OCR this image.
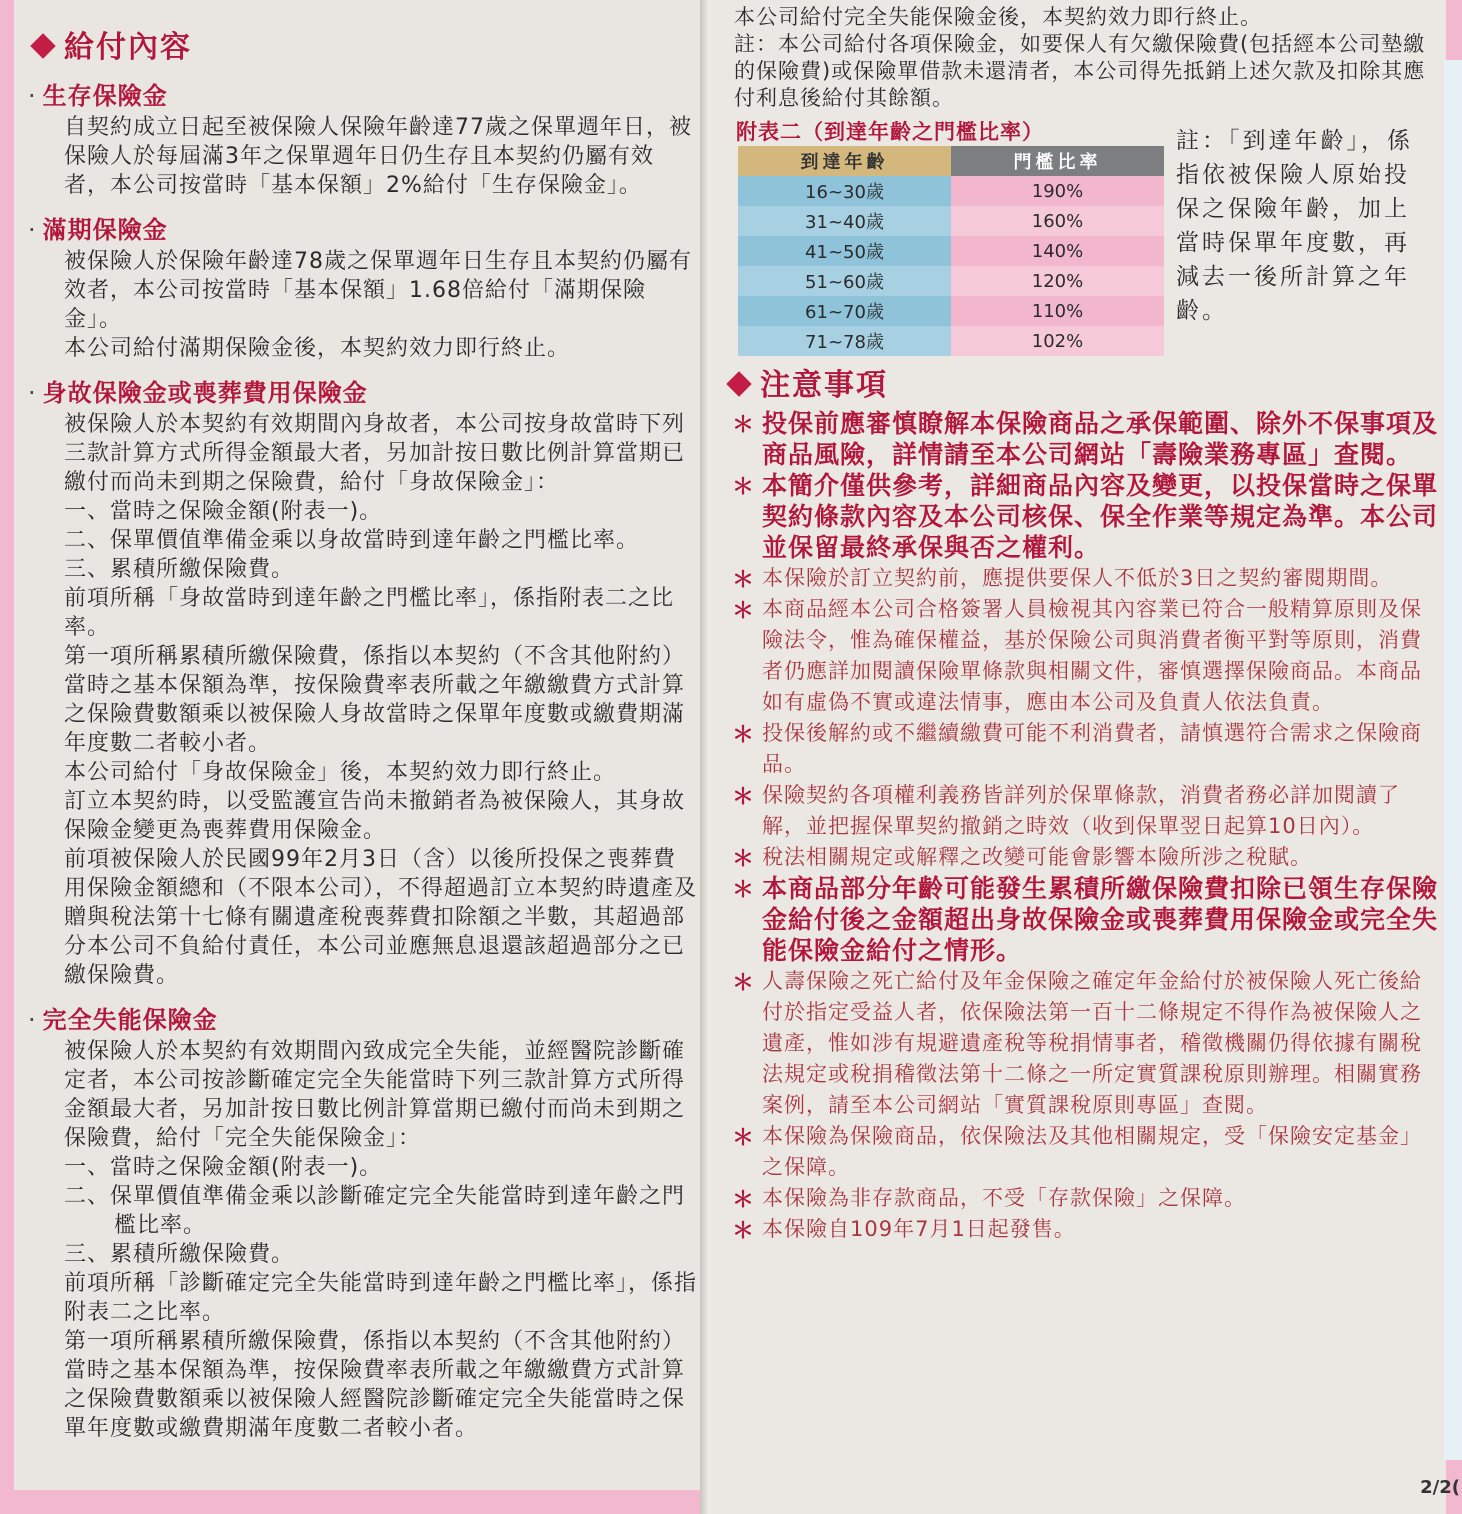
給付內容
· 生存保險金
自契約成立日起至被保險人保險年齡達77歲之保單週年日，被保險人於每屆滿3年之保單週年日仍生存且本契約仍屬有效者，本公司按當時「基本保額」2%給付「生存保險金」。
· 滿期保險金
被保險人於保險年齡達78歲之保單週年日生存且本契約仍屬有效者，本公司按當時「基本保額」1.68倍給付「滿期保險金」。
本公司給付滿期保險金後，本契約效力即行終止。
· 身故保險金或喪葬費用保險金
被保險人於本契約有效期間內身故者，本公司按身故當時下列三款計算方式所得金額最大者，另加計按日數比例計算當期已繳付而尚未到期之保險費，給付「身故保險金」：
一、當時之保險金額(附表一)。
二、保單價值準備金乘以身故當時到達年齡之門檻比率。
三、累積所繳保險費。
前項所稱「身故當時到達年齡之門檻比率」，係指附表二之比率。
第一項所稱累積所繳保險費，係指以本契約（不含其他附約）當時之基本保額為準，按保險費率表所載之年繳繳費方式計算之保險費數額乘以被保險人身故當時之保單年度數或繳費期滿年度數二者較小者。
本公司給付「身故保險金」後，本契約效力即行終止。
訂立本契約時，以受監護宣告尚未撤銷者為被保險人，其身故保險金變更為喪葬費用保險金。
前項被保險人於民國99年2月3日（含）以後所投保之喪葬費用保險金額總和（不限本公司），不得超過訂立本契約時遺產及贈與稅法第十七條有關遺產稅喪葬費扣除額之半數，其超過部分本公司不負給付責任，本公司並應無息退還該超過部分之已繳保險費。
· 完全失能保險金
被保險人於本契約有效期間內致成完全失能，並經醫院診斷確定者，本公司按診斷確定完全失能當時下列三款計算方式所得金額最大者，另加計按日數比例計算當期已繳付而尚未到期之保險費，給付「完全失能保險金」：
一、當時之保險金額(附表一)。
二、保單價值準備金乘以診斷確定完全失能當時到達年齡之門檻比率。
三、累積所繳保險費。
前項所稱「診斷確定完全失能當時到達年齡之門檻比率」，係指附表二之比率。
第一項所稱累積所繳保險費，係指以本契約（不含其他附約）當時之基本保額為準，按保險費率表所載之年繳繳費方式計算之保險費數額乘以被保險人經醫院診斷確定完全失能當時之保單年度數或繳費期滿年度數二者較小者。
本公司給付完全失能保險金後，本契約效力即行終止。
註：本公司給付各項保險金，如要保人有欠繳保險費(包括經本公司墊繳的保險費)或保險單借款未還清者，本公司得先抵銷上述欠款及扣除其應付利息後給付其餘額。
附表二（到達年齡之門檻比率）
到達年齡	門檻比率
16~30歲	190%
31~40歲	160%
41~50歲	140%
51~60歲	120%
61~70歲	110%
71~78歲	102%
註：「到達年齡」，係指依被保險人原始投保之保險年齡，加上當時保單年度數，再減去一後所計算之年齡。
注意事項
＊ 投保前應審慎瞭解本保險商品之承保範圍、除外不保事項及商品風險，詳情請至本公司網站「壽險業務專區」查閱。
＊ 本簡介僅供參考，詳細商品內容及變更，以投保當時之保單契約條款內容及本公司核保、保全作業等規定為準。本公司並保留最終承保與否之權利。
＊ 本保險於訂立契約前，應提供要保人不低於3日之契約審閱期間。
＊ 本商品經本公司合格簽署人員檢視其內容業已符合一般精算原則及保險法令，惟為確保權益，基於保險公司與消費者衡平對等原則，消費者仍應詳加閱讀保險單條款與相關文件，審慎選擇保險商品。本商品如有虛偽不實或違法情事，應由本公司及負責人依法負責。
＊ 投保後解約或不繼續繳費可能不利消費者，請慎選符合需求之保險商品。
＊ 保險契約各項權利義務皆詳列於保單條款，消費者務必詳加閱讀了解，並把握保單契約撤銷之時效（收到保單翌日起算10日內）。
＊ 稅法相關規定或解釋之改變可能會影響本險所涉之稅賦。
＊ 本商品部分年齡可能發生累積所繳保險費扣除已領生存保險金給付後之金額超出身故保險金或喪葬費用保險金或完全失能保險金給付之情形。
＊ 人壽保險之死亡給付及年金保險之確定年金給付於被保險人死亡後給付於指定受益人者，依保險法第一百十二條規定不得作為被保險人之遺產，惟如涉有規避遺產稅等稅捐情事者，稽徵機關仍得依據有關稅法規定或稅捐稽徵法第十二條之一所定實質課稅原則辦理。相關實務案例，請至本公司網站「實質課稅原則專區」查閱。
＊ 本保險為保險商品，依保險法及其他相關規定，受「保險安定基金」之保障。
＊ 本保險為非存款商品，不受「存款保險」之保障。
＊ 本保險自109年7月1日起發售。
2/2(
